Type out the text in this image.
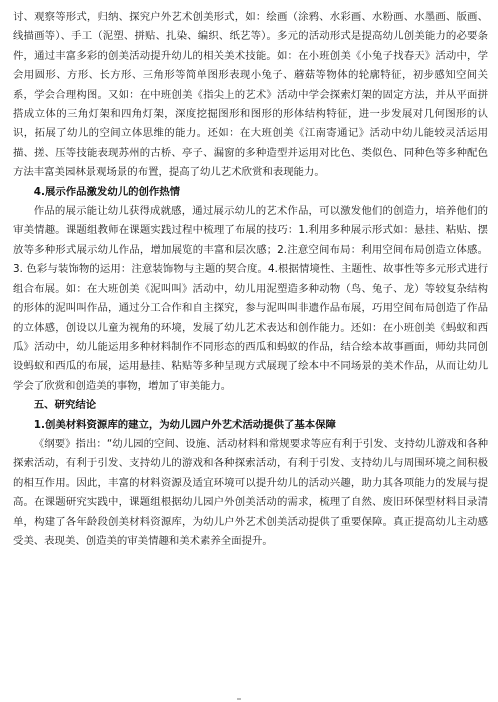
讨、观察等形式，归纳、探究户外艺术创美形式，如：绘画（涂鸦、水彩画、水粉画、水墨画、版画、线描画等）、手工（泥塑、拼贴、扎染、编织、纸艺等）。多元的活动形式是提高幼儿创美能力的必要条件，通过丰富多彩的创美活动提升幼儿的相关美术技能。如：在小班创美《小兔子找春天》活动中，学会用圆形、方形、长方形、三角形等简单图形表现小兔子、蘑菇等物体的轮廓特征，初步感知空间关系，学会合理构图。又如：在中班创美《指尖上的艺术》活动中学会探索灯架的固定方法，并从平面拼搭成立体的三角灯架和四角灯架，深度挖掘图形和图形的形体结构特征，进一步发展对几何图形的认识，拓展了幼儿的空间立体思维的能力。还如：在大班创美《江南寄通记》活动中幼儿能较灵活运用描、搓、压等技能表现苏州的古桥、亭子、漏窗的多种造型并运用对比色、类似色、同种色等多种配色方法丰富美园林景观场景的布置，提高了幼儿艺术欣赏和表现能力。

4.展示作品激发幼儿的创作热情

作品的展示能让幼儿获得成就感，通过展示幼儿的艺术作品，可以激发他们的创造力，培养他们的审美情趣。课题组教师在课题实践过程中梳理了布展的技巧：1.利用多种展示形式如：悬挂、粘贴、摆放等多种形式展示幼儿作品，增加展览的丰富和层次感；2.注意空间布局：利用空间布局创造立体感。3. 色彩与装饰物的运用：注意装饰物与主题的契合度。4.根据情境性、主题性、故事性等多元形式进行组合布展。如：在大班创美《泥叫叫》活动中，幼儿用泥塑造多种动物（鸟、兔子、龙）等较复杂结构的形体的泥叫叫作品，通过分工合作和自主探究，参与泥叫叫非遗作品布展，巧用空间布局创造了作品的立体感，创设以儿童为视角的环境，发展了幼儿艺术表达和创作能力。还如：在小班创美《蚂蚁和西瓜》活动中，幼儿能运用多种材料制作不同形态的西瓜和蚂蚁的作品，结合绘本故事画面，师幼共同创设蚂蚁和西瓜的布展，运用悬挂、粘贴等多种呈现方式展现了绘本中不同场景的美术作品，从而让幼儿学会了欣赏和创造美的事物，增加了审美能力。

五、研究结论

1.创美材料资源库的建立，为幼儿园户外艺术活动提供了基本保障

《纲要》指出：“幼儿园的空间、设施、活动材料和常规要求等应有利于引发、支持幼儿游戏和各种探索活动，有利于引发、支持幼儿的游戏和各种探索活动，有利于引发、支持幼儿与周围环境之间积极的相互作用。因此，丰富的材料资源及适宜环境可以提升幼儿的活动兴趣，助力其各项能力的发展与提高。在课题研究实践中，课题组根据幼儿园户外创美活动的需求，梳理了自然、废旧环保型材料目录清单，构建了各年龄段创美材料资源库，为幼儿户外艺术创美活动提供了重要保障。真正提高幼儿主动感受美、表现美、创造美的审美情趣和美术素养全面提升。
